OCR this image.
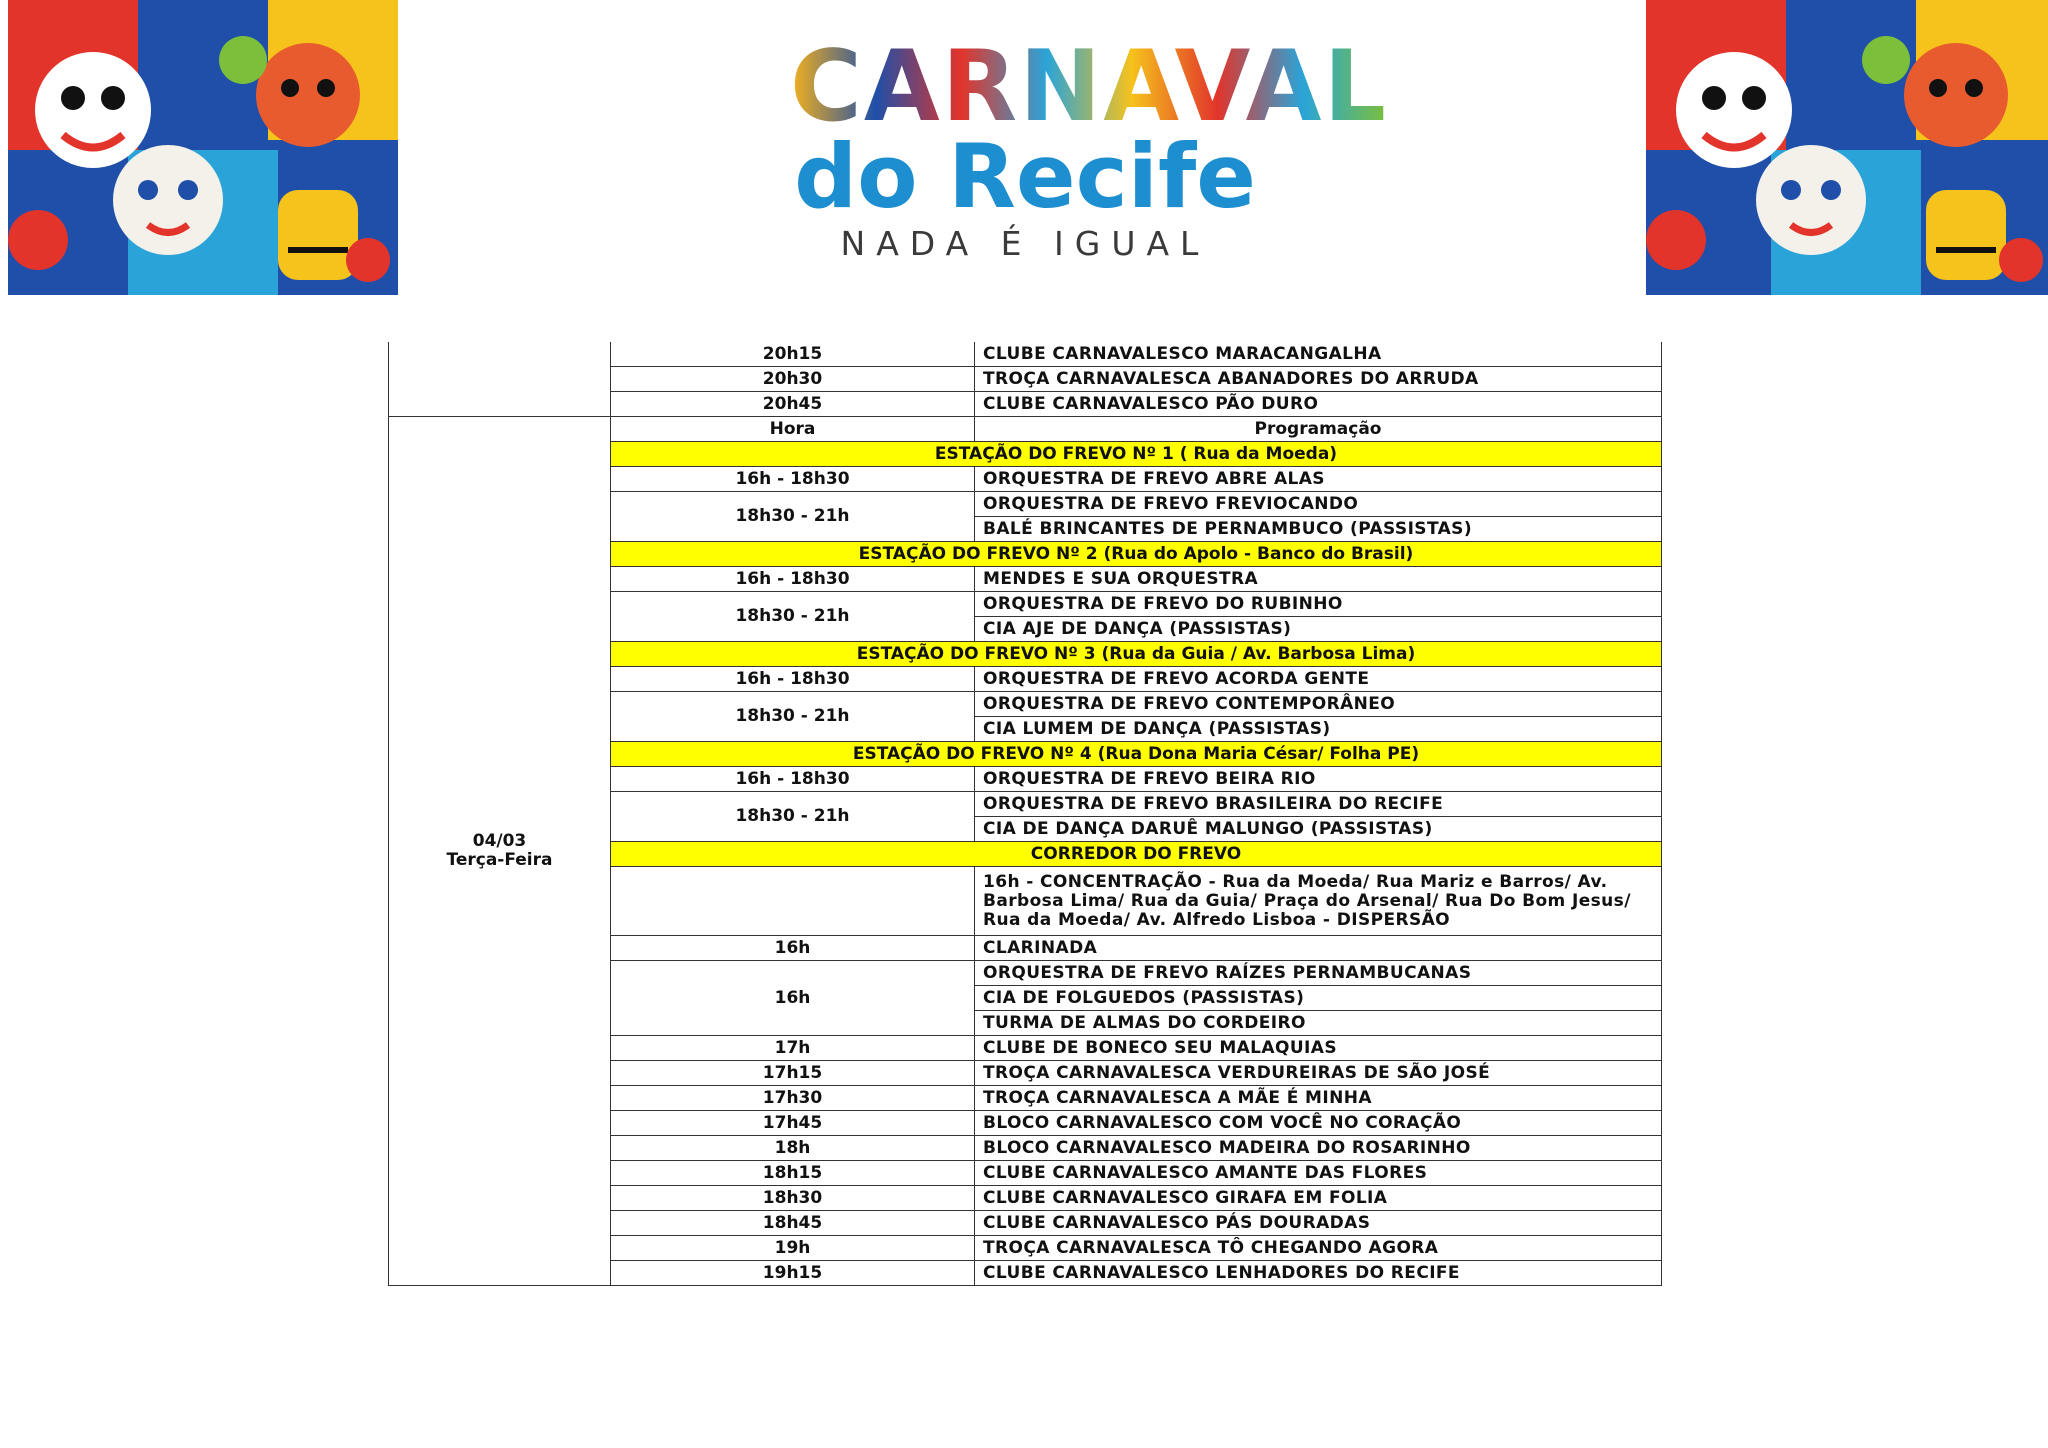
CARNAVAL
do Recife
NADA É IGUAL
	20h15	CLUBE CARNAVALESCO MARACANGALHA
	20h30	TROÇA CARNAVALESCA ABANADORES DO ARRUDA
	20h45	CLUBE CARNAVALESCO PÃO DURO

04/03
Terça-Feira	Hora	Programação
	ESTAÇÃO DO FREVO Nº 1 ( Rua da Moeda)	
	16h - 18h30	ORQUESTRA DE FREVO ABRE ALAS
	18h30 - 21h	ORQUESTRA DE FREVO FREVIOCANDO
		BALÉ BRINCANTES DE PERNAMBUCO (PASSISTAS)
	ESTAÇÃO DO FREVO Nº 2 (Rua do Apolo - Banco do Brasil)	
	16h - 18h30	MENDES E SUA ORQUESTRA
	18h30 - 21h	ORQUESTRA DE FREVO DO RUBINHO
		CIA AJE DE DANÇA (PASSISTAS)
	ESTAÇÃO DO FREVO Nº 3 (Rua da Guia / Av. Barbosa Lima)	
	16h - 18h30	ORQUESTRA DE FREVO ACORDA GENTE
	18h30 - 21h	ORQUESTRA DE FREVO CONTEMPORÂNEO
		CIA LUMEM DE DANÇA (PASSISTAS)
	ESTAÇÃO DO FREVO Nº 4 (Rua Dona Maria César/ Folha PE)	
	16h - 18h30	ORQUESTRA DE FREVO BEIRA RIO
	18h30 - 21h	ORQUESTRA DE FREVO BRASILEIRA DO RECIFE
		CIA DE DANÇA DARUÊ MALUNGO (PASSISTAS)
	CORREDOR DO FREVO	
		16h - CONCENTRAÇÃO - Rua da Moeda/ Rua Mariz e Barros/ Av. Barbosa Lima/ Rua da Guia/ Praça do Arsenal/ Rua Do Bom Jesus/ Rua da Moeda/ Av. Alfredo Lisboa - DISPERSÃO
	16h	CLARINADA
	16h	ORQUESTRA DE FREVO RAÍZES PERNAMBUCANAS
		CIA DE FOLGUEDOS (PASSISTAS)
		TURMA DE ALMAS DO CORDEIRO
	17h	CLUBE DE BONECO SEU MALAQUIAS
	17h15	TROÇA CARNAVALESCA VERDUREIRAS DE SÃO JOSÉ
	17h30	TROÇA CARNAVALESCA A MÃE É MINHA
	17h45	BLOCO CARNAVALESCO COM VOCÊ NO CORAÇÃO
	18h	BLOCO CARNAVALESCO MADEIRA DO ROSARINHO
	18h15	CLUBE CARNAVALESCO AMANTE DAS FLORES
	18h30	CLUBE CARNAVALESCO GIRAFA EM FOLIA
	18h45	CLUBE CARNAVALESCO PÁS DOURADAS
	19h	TROÇA CARNAVALESCA TÔ CHEGANDO AGORA
	19h15	CLUBE CARNAVALESCO LENHADORES DO RECIFE
